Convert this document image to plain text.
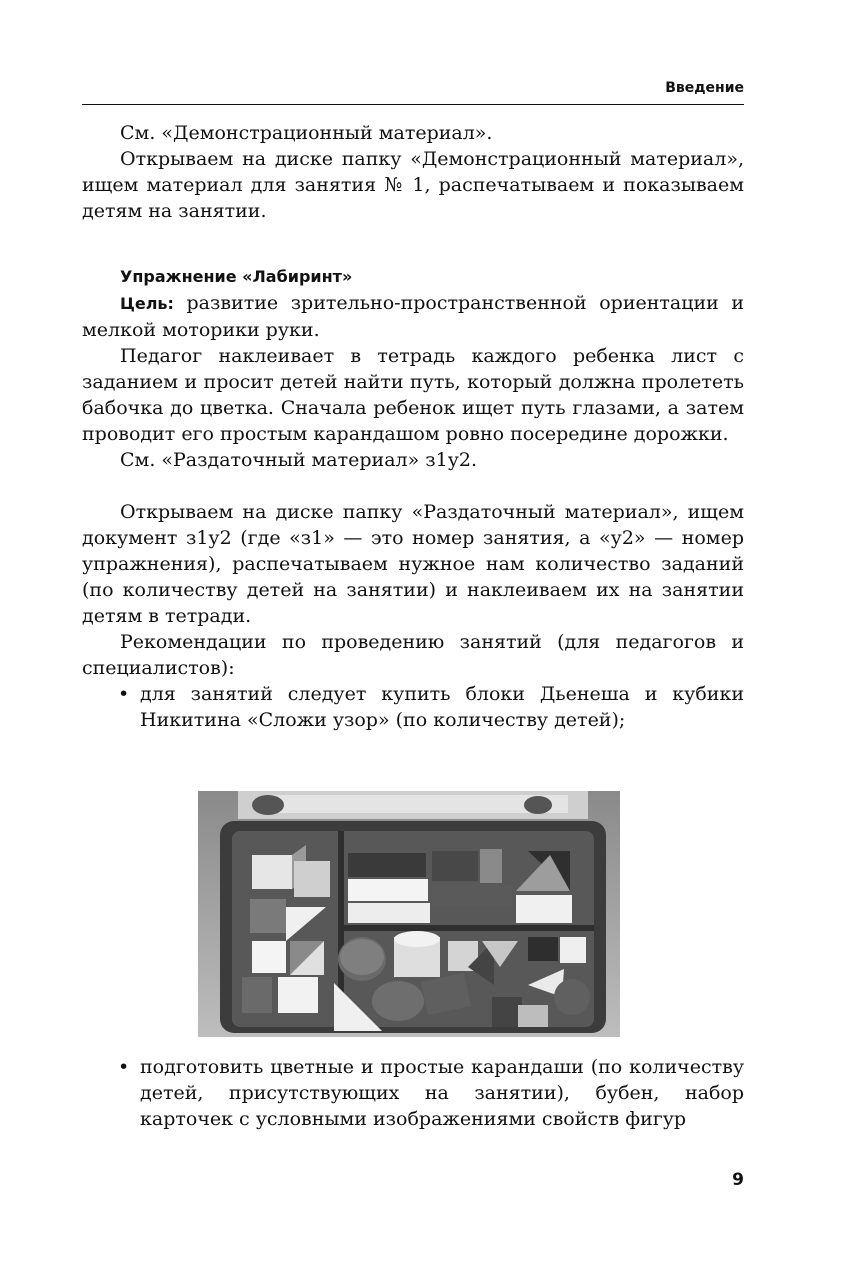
Введение

См. «Демонстрационный материал».

Открываем на диске папку «Демонстрационный материал», ищем материал для занятия № 1, распечатываем и показываем детям на занятии.

Упражнение «Лабиринт»

Цель: развитие зрительно-пространственной ориентации и мелкой моторики руки.

Педагог наклеивает в тетрадь каждого ребенка лист с заданием и просит детей найти путь, который должна пролететь бабочка до цветка. Сначала ребенок ищет путь глазами, а затем проводит его простым карандашом ровно посередине дорожки.

См. «Раздаточный материал» з1у2.

Открываем на диске папку «Раздаточный материал», ищем документ з1у2 (где «з1» — это номер занятия, а «у2» — номер упражнения), распечатываем нужное нам количество заданий (по количеству детей на занятии) и наклеиваем их на занятии детям в тетради.

Рекомендации по проведению занятий (для педагогов и специалистов):

• для занятий следует купить блоки Дьенеша и кубики Никитина «Сложи узор» (по количеству детей);
• подготовить цветные и простые карандаши (по количеству детей, присутствующих на занятии), бубен, набор карточек с условными изображениями свойств фигур
9
